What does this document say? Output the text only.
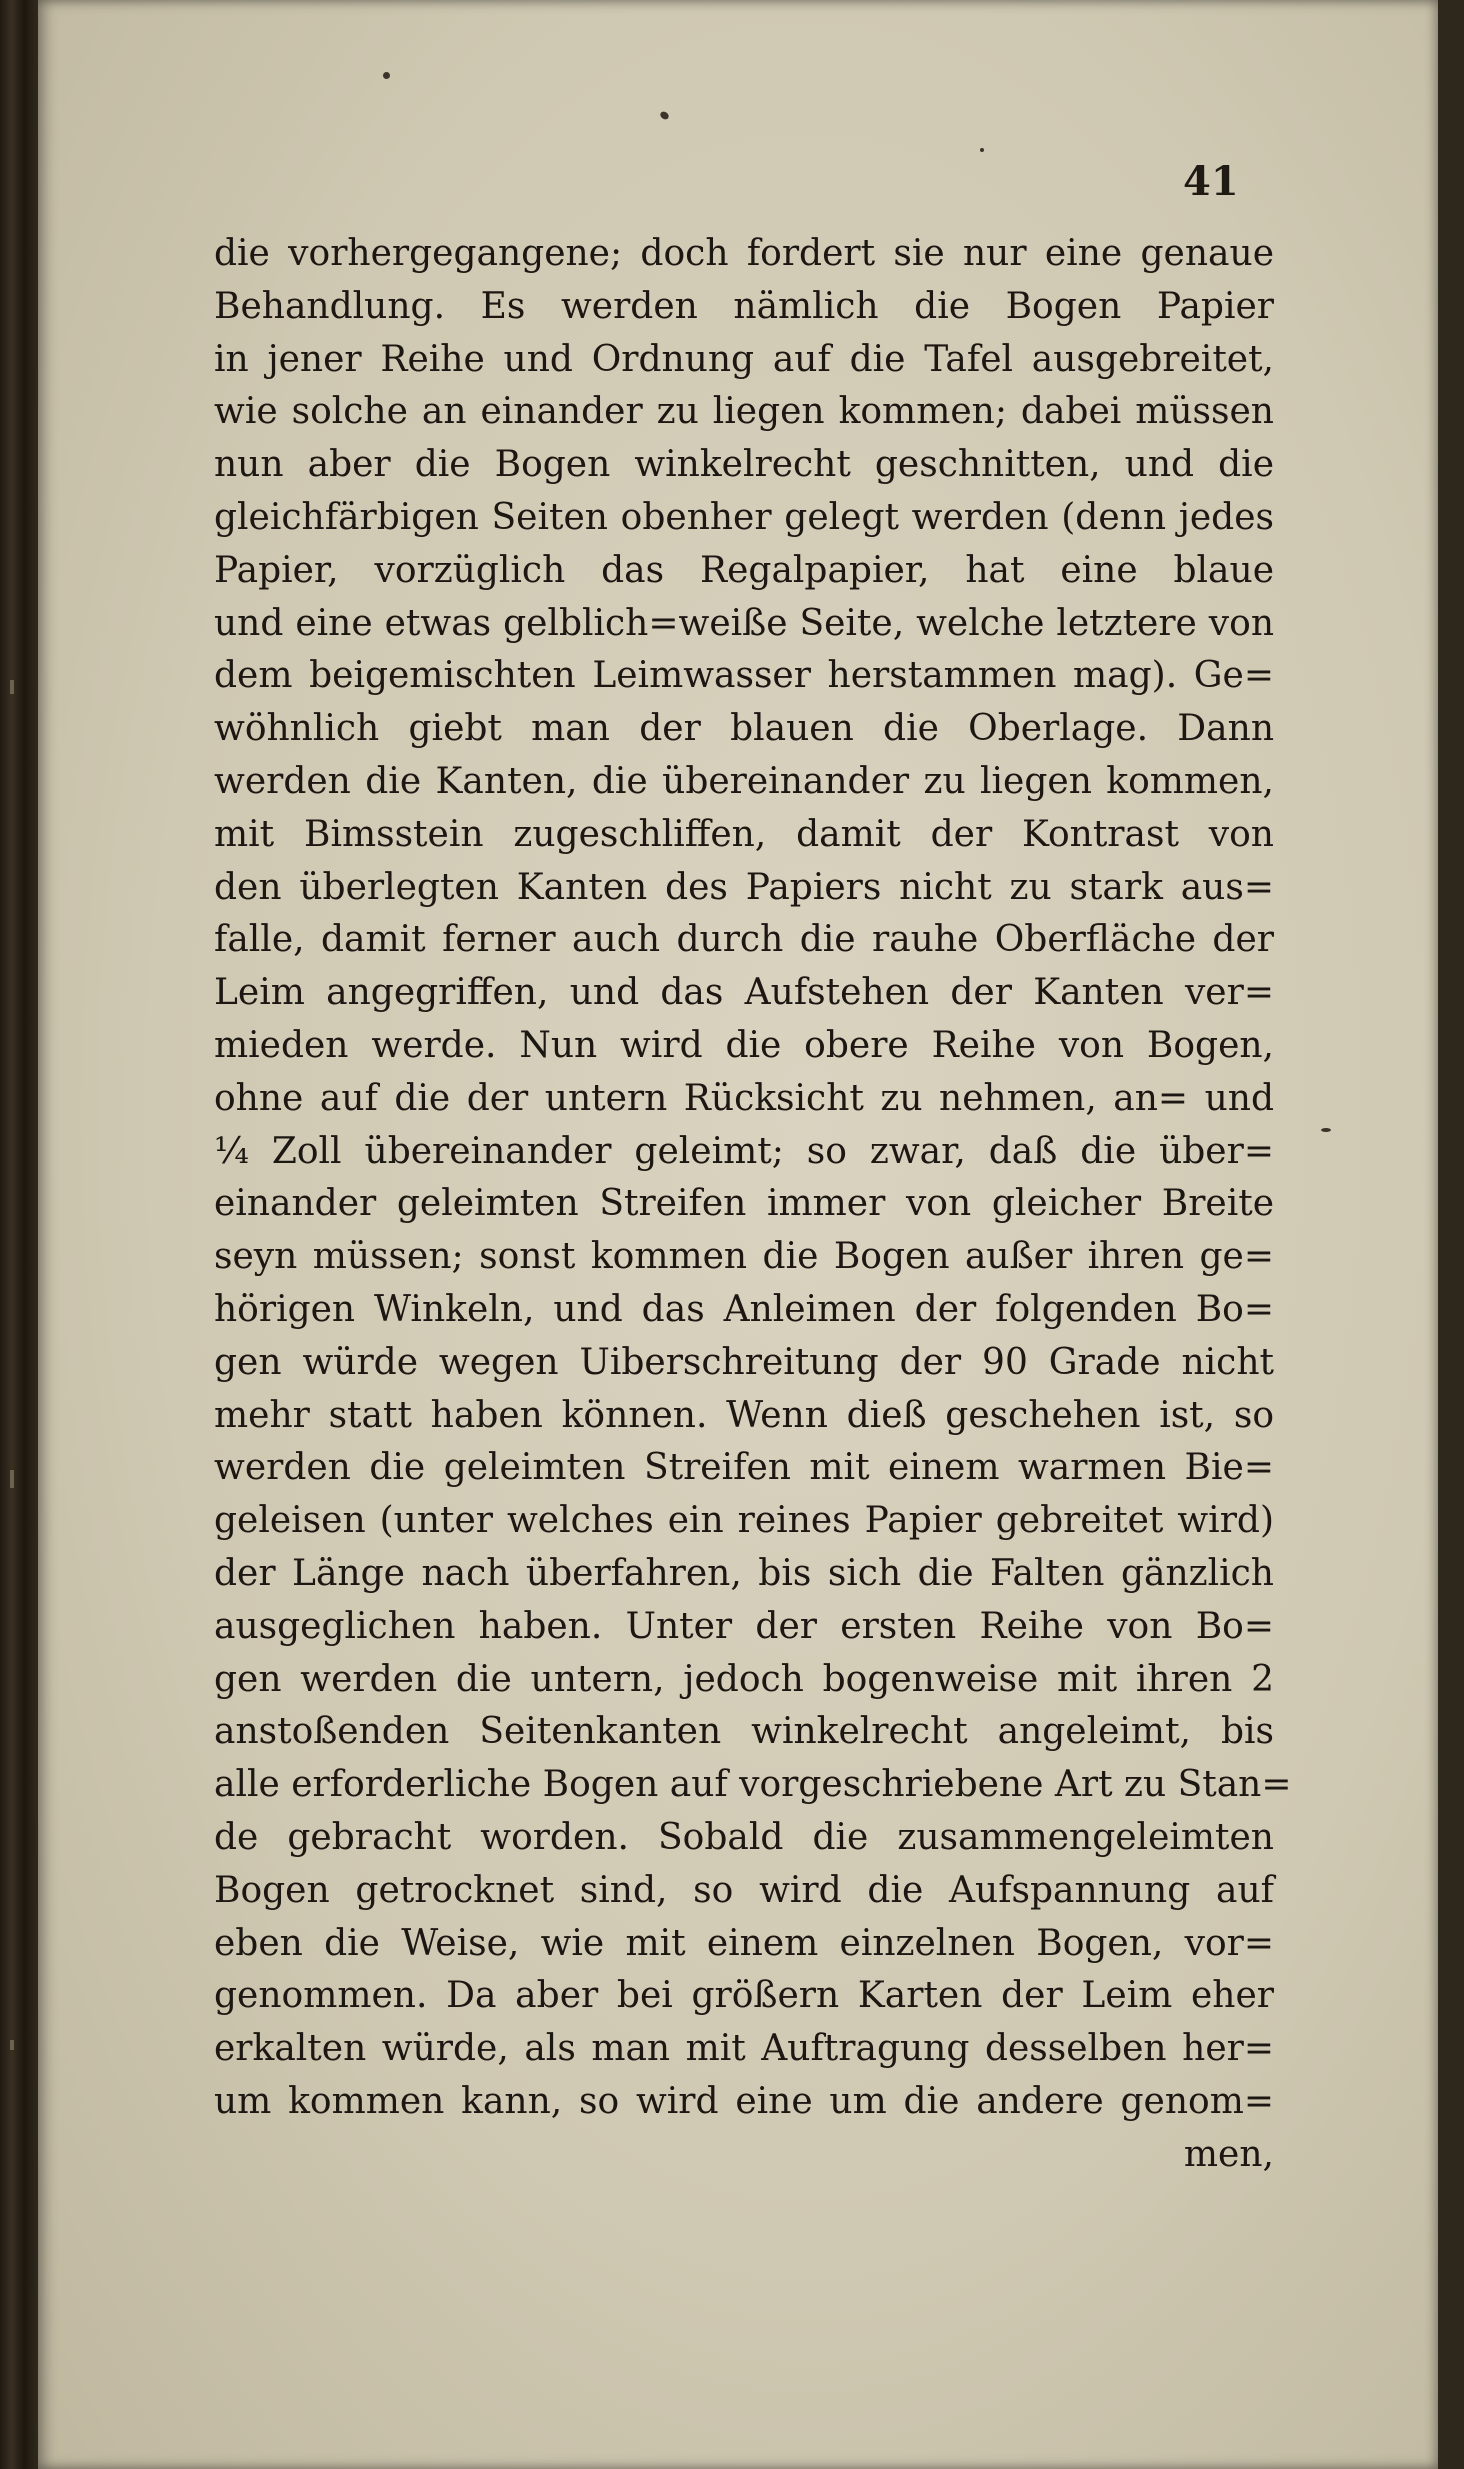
41
die vorhergegangene; doch fordert sie nur eine genaue
Behandlung. Es werden nämlich die Bogen Papier
in jener Reihe und Ordnung auf die Tafel ausgebreitet,
wie solche an einander zu liegen kommen; dabei müssen
nun aber die Bogen winkelrecht geschnitten, und die
gleichfärbigen Seiten obenher gelegt werden (denn jedes
Papier, vorzüglich das Regalpapier, hat eine blaue
und eine etwas gelblich=weiße Seite, welche letztere von
dem beigemischten Leimwasser herstammen mag). Ge=
wöhnlich giebt man der blauen die Oberlage. Dann
werden die Kanten, die übereinander zu liegen kommen,
mit Bimsstein zugeschliffen, damit der Kontrast von
den überlegten Kanten des Papiers nicht zu stark aus=
falle, damit ferner auch durch die rauhe Oberfläche der
Leim angegriffen, und das Aufstehen der Kanten ver=
mieden werde. Nun wird die obere Reihe von Bogen,
ohne auf die der untern Rücksicht zu nehmen, an= und
¼ Zoll übereinander geleimt; so zwar, daß die über=
einander geleimten Streifen immer von gleicher Breite
seyn müssen; sonst kommen die Bogen außer ihren ge=
hörigen Winkeln, und das Anleimen der folgenden Bo=
gen würde wegen Uiberschreitung der 90 Grade nicht
mehr statt haben können. Wenn dieß geschehen ist, so
werden die geleimten Streifen mit einem warmen Bie=
geleisen (unter welches ein reines Papier gebreitet wird)
der Länge nach überfahren, bis sich die Falten gänzlich
ausgeglichen haben. Unter der ersten Reihe von Bo=
gen werden die untern, jedoch bogenweise mit ihren 2
anstoßenden Seitenkanten winkelrecht angeleimt, bis
alle erforderliche Bogen auf vorgeschriebene Art zu Stan=
de gebracht worden. Sobald die zusammengeleimten
Bogen getrocknet sind, so wird die Aufspannung auf
eben die Weise, wie mit einem einzelnen Bogen, vor=
genommen. Da aber bei größern Karten der Leim eher
erkalten würde, als man mit Auftragung desselben her=
um kommen kann, so wird eine um die andere genom=
men,
